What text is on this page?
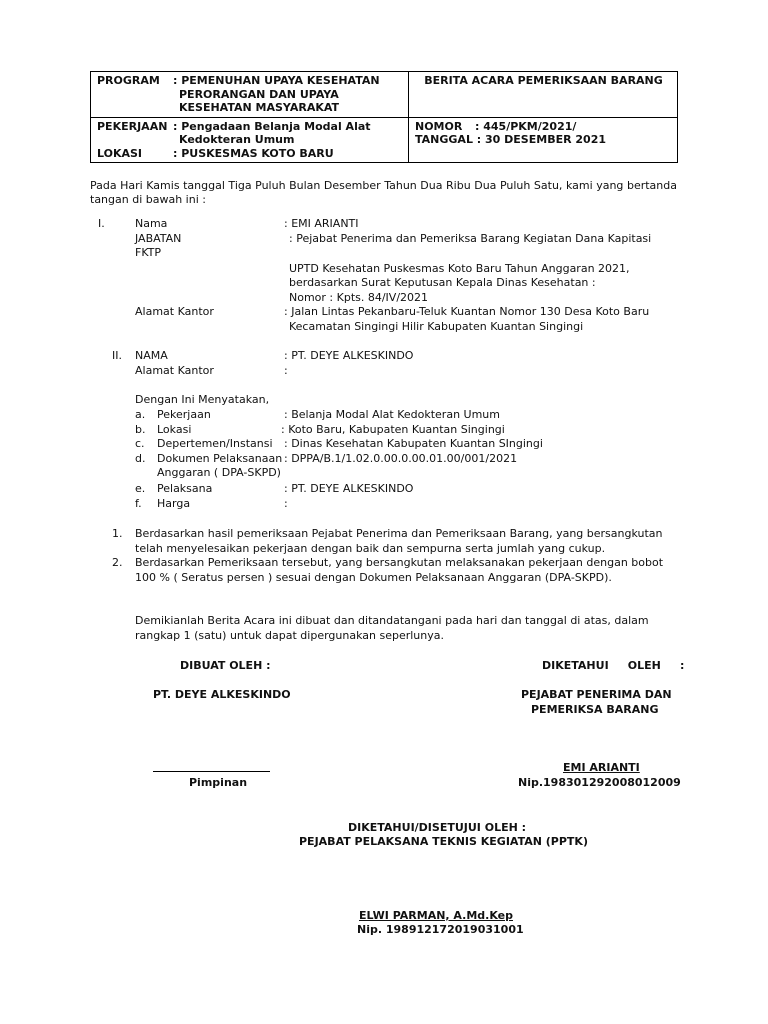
PROGRAM : PEMENUHAN UPAYA KESEHATAN
PERORANGAN DAN UPAYA
KESEHATAN MASYARAKAT	BERITA ACARA PEMERIKSAAN BARANG

PEKERJAAN : Pengadaan Belanja Modal Alat
Kedokteran Umum
LOKASI : PUSKESMAS KOTO BARU	NOMOR : 445/PKM/2021/
TANGGAL : 30 DESEMBER 2021
Pada Hari Kamis tanggal Tiga Puluh Bulan Desember Tahun Dua Ribu Dua Puluh Satu, kami yang bertanda tangan di bawah ini :
I.	Nama	: EMI ARIANTI
JABATAN	: Pejabat Penerima dan Pemeriksa Barang Kegiatan Dana Kapitasi
FKTP
UPTD Kesehatan Puskesmas Koto Baru Tahun Anggaran 2021,
berdasarkan Surat Keputusan Kepala Dinas Kesehatan :
Nomor : Kpts. 84/IV/2021
Alamat Kantor	: Jalan Lintas Pekanbaru-Teluk Kuantan Nomor 130 Desa Koto Baru
Kecamatan Singingi Hilir Kabupaten Kuantan Singingi
II. NAMA	: PT. DEYE ALKESKINDO
Alamat Kantor	:
Dengan Ini Menyatakan,
a. Pekerjaan	: Belanja Modal Alat Kedokteran Umum
b. Lokasi	: Koto Baru, Kabupaten Kuantan Singingi
c. Depertemen/Instansi : Dinas Kesehatan Kabupaten Kuantan SIngingi
d. Dokumen Pelaksanaan : DPPA/B.1/1.02.0.00.0.00.01.00/001/2021
Anggaran ( DPA-SKPD)
e. Pelaksana	: PT. DEYE ALKESKINDO
f. Harga	:
1. Berdasarkan hasil pemeriksaan Pejabat Penerima dan Pemeriksaan Barang, yang bersangkutan
telah menyelesaikan pekerjaan dengan baik dan sempurna serta jumlah yang cukup.
2. Berdasarkan Pemeriksaan tersebut, yang bersangkutan melaksanakan pekerjaan dengan bobot
100 % ( Seratus persen ) sesuai dengan Dokumen Pelaksanaan Anggaran (DPA-SKPD).
Demikianlah Berita Acara ini dibuat dan ditandatangani pada hari dan tanggal di atas, dalam
rangkap 1 (satu) untuk dapat dipergunakan seperlunya.
DIBUAT OLEH :	DIKETAHUI     OLEH     :
PT. DEYE ALKESKINDO	PEJABAT PENERIMA DAN
PEMERIKSA BARANG
EMI ARIANTI
Pimpinan	Nip.198301292008012009
DIKETAHUI/DISETUJUI OLEH :
PEJABAT PELAKSANA TEKNIS KEGIATAN (PPTK)
ELWI PARMAN, A.Md.Kep
Nip. 198912172019031001
